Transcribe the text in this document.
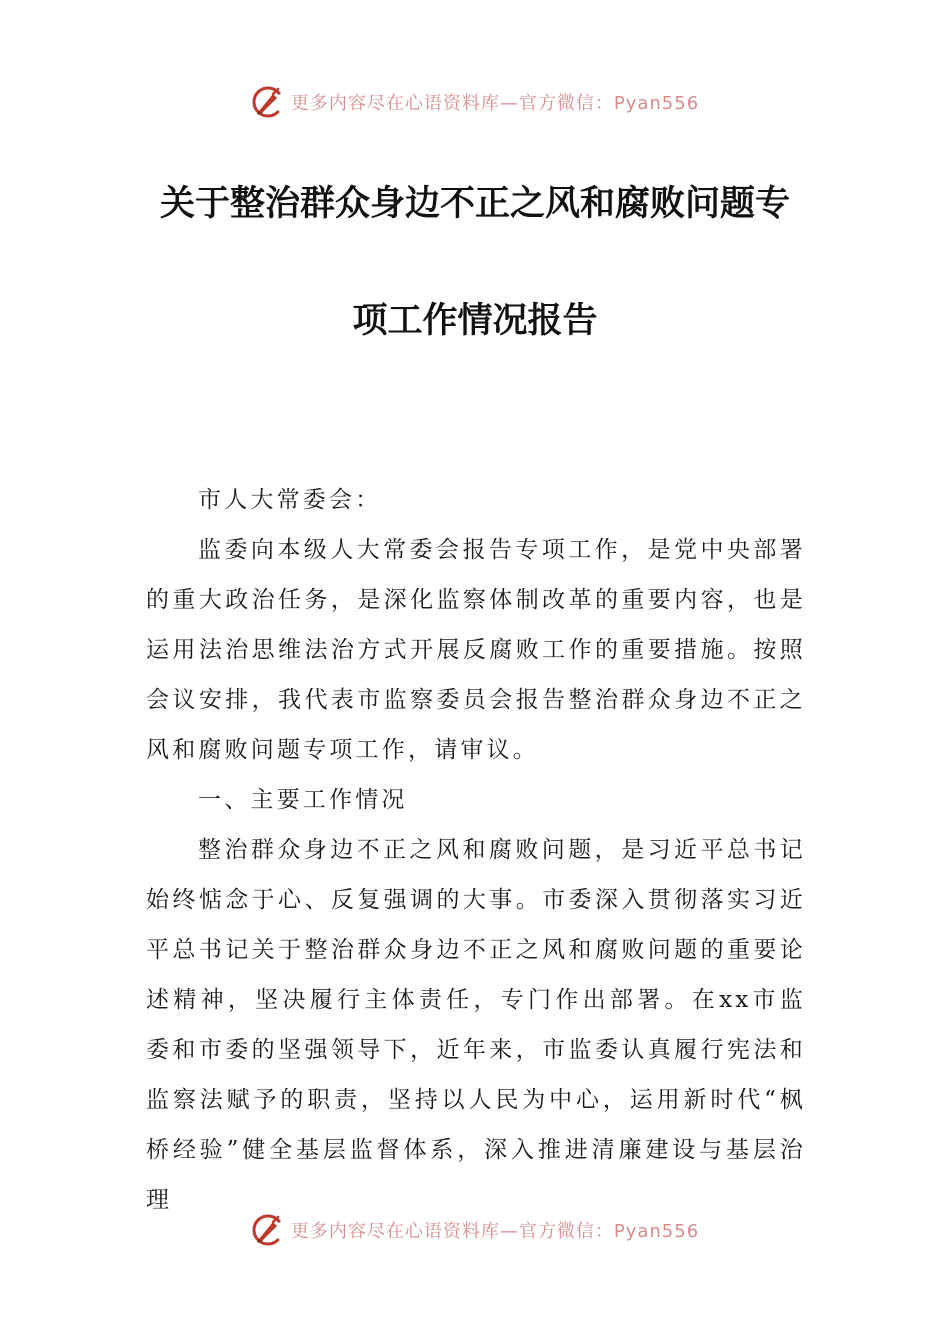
更多内容尽在心语资料库—官方微信：Pyan556
关于整治群众身边不正之风和腐败问题专
项工作情况报告

市人大常委会：

监委向本级人大常委会报告专项工作，是党中央部署的重大政治任务，是深化监察体制改革的重要内容，也是运用法治思维法治方式开展反腐败工作的重要措施。按照会议安排，我代表市监察委员会报告整治群众身边不正之风和腐败问题专项工作，请审议。

一、主要工作情况

整治群众身边不正之风和腐败问题，是习近平总书记始终惦念于心、反复强调的大事。市委深入贯彻落实习近平总书记关于整治群众身边不正之风和腐败问题的重要论述精神，坚决履行主体责任，专门作出部署。在xx市监委和市委的坚强领导下，近年来，市监委认真履行宪法和监察法赋予的职责，坚持以人民为中心，运用新时代“枫桥经验”健全基层监督体系，深入推进清廉建设与基层治理

更多内容尽在心语资料库—官方微信：Pyan556
